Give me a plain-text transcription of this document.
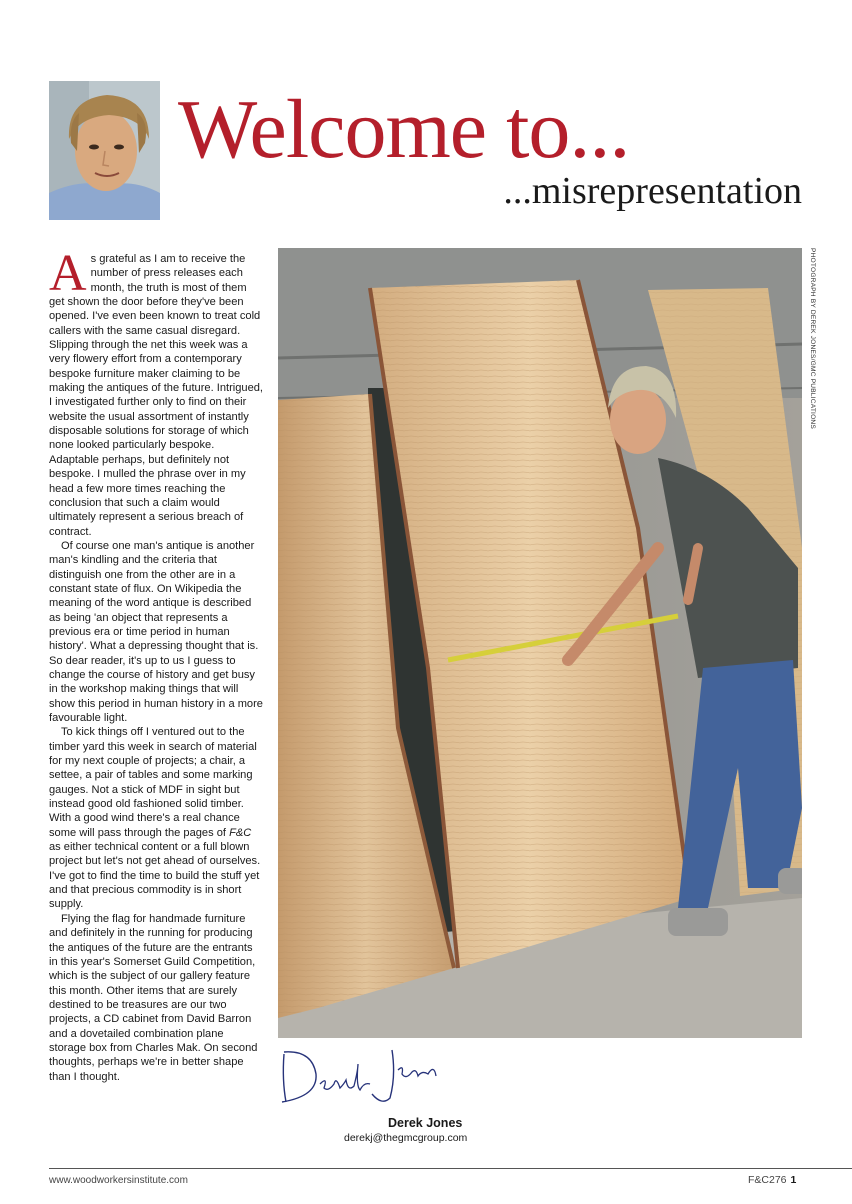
Welcome to...
...misrepresentation

As grateful as I am to receive the number of press releases each month, the truth is most of them get shown the door before they've been opened. I've even been known to treat cold callers with the same casual disregard. Slipping through the net this week was a very flowery effort from a contemporary bespoke furniture maker claiming to be making the antiques of the future. Intrigued, I investigated further only to find on their website the usual assortment of instantly disposable solutions for storage of which none looked particularly bespoke. Adaptable perhaps, but definitely not bespoke. I mulled the phrase over in my head a few more times reaching the conclusion that such a claim would ultimately represent a serious breach of contract.

Of course one man's antique is another man's kindling and the criteria that distinguish one from the other are in a constant state of flux. On Wikipedia the meaning of the word antique is described as being 'an object that represents a previous era or time period in human history'. What a depressing thought that is. So dear reader, it's up to us I guess to change the course of history and get busy in the workshop making things that will show this period in human history in a more favourable light.

To kick things off I ventured out to the timber yard this week in search of material for my next couple of projects; a chair, a settee, a pair of tables and some marking gauges. Not a stick of MDF in sight but instead good old fashioned solid timber. With a good wind there's a real chance some will pass through the pages of F&C as either technical content or a full blown project but let's not get ahead of ourselves. I've got to find the time to build the stuff yet and that precious commodity is in short supply.

Flying the flag for handmade furniture and definitely in the running for producing the antiques of the future are the entrants in this year's Somerset Guild Competition, which is the subject of our gallery feature this month. Other items that are surely destined to be treasures are our two projects, a CD cabinet from David Barron and a dovetailed combination plane storage box from Charles Mak. On second thoughts, perhaps we're in better shape than I thought.

PHOTOGRAPH BY DEREK JONES/GMC PUBLICATIONS
Derek Jones
derekj@thegmcgroup.com
www.woodworkersinstitute.com	F&C276 1
